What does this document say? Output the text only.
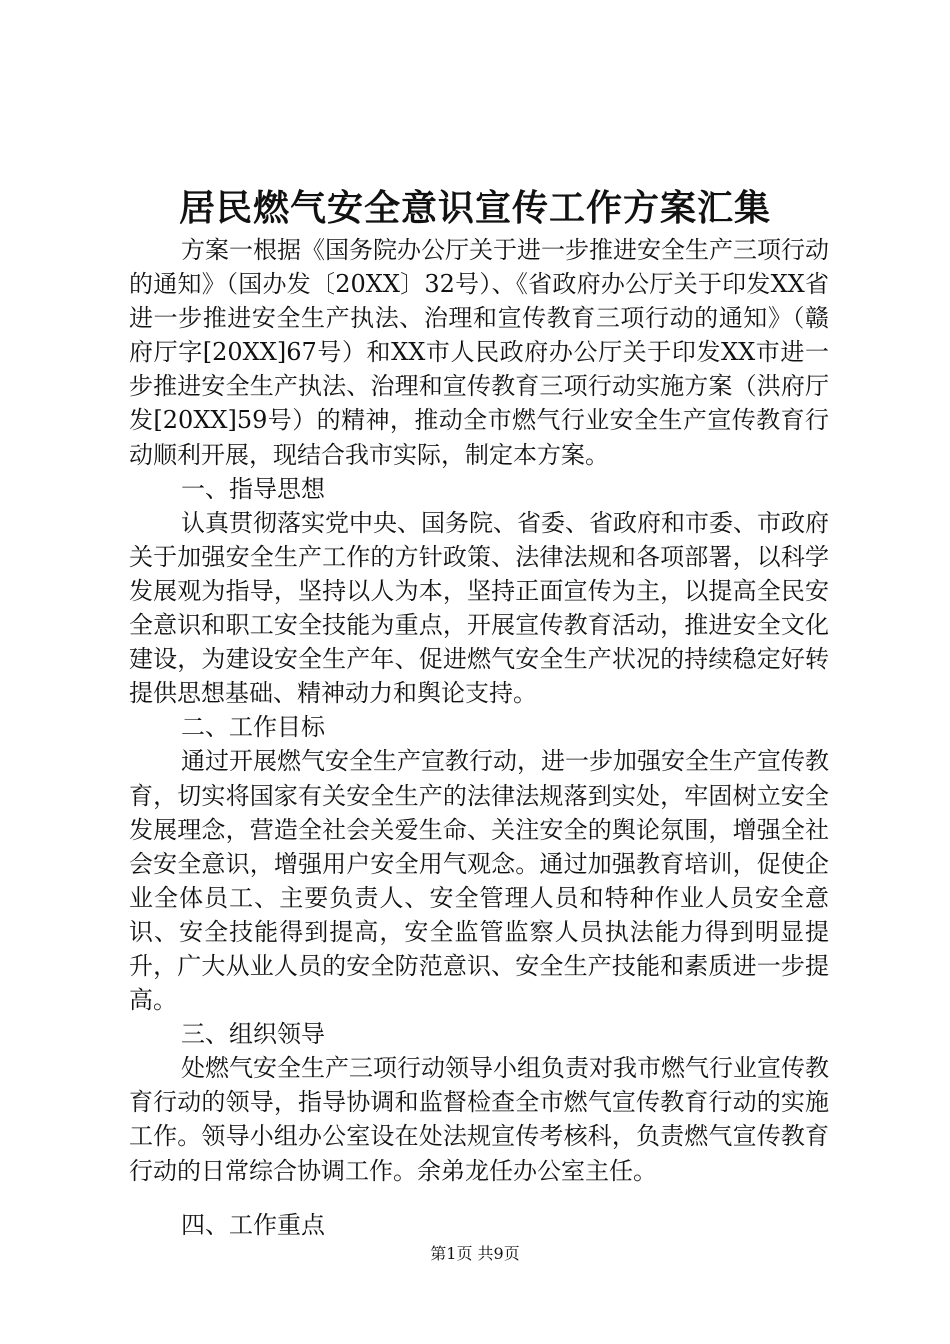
居民燃气安全意识宣传工作方案汇集

方案一根据《国务院办公厅关于进一步推进安全生产三项行动的通知》（国办发〔20XX〕32号）、《省政府办公厅关于印发XX省进一步推进安全生产执法、治理和宣传教育三项行动的通知》（赣府厅字[20XX]67号）和XX市人民政府办公厅关于印发XX市进一步推进安全生产执法、治理和宣传教育三项行动实施方案（洪府厅发[20XX]59号）的精神，推动全市燃气行业安全生产宣传教育行动顺利开展，现结合我市实际，制定本方案。

一、指导思想

认真贯彻落实党中央、国务院、省委、省政府和市委、市政府关于加强安全生产工作的方针政策、法律法规和各项部署，以科学发展观为指导，坚持以人为本，坚持正面宣传为主，以提高全民安全意识和职工安全技能为重点，开展宣传教育活动，推进安全文化建设，为建设安全生产年、促进燃气安全生产状况的持续稳定好转提供思想基础、精神动力和舆论支持。

二、工作目标

通过开展燃气安全生产宣教行动，进一步加强安全生产宣传教育，切实将国家有关安全生产的法律法规落到实处，牢固树立安全发展理念，营造全社会关爱生命、关注安全的舆论氛围，增强全社会安全意识，增强用户安全用气观念。通过加强教育培训，促使企业全体员工、主要负责人、安全管理人员和特种作业人员安全意识、安全技能得到提高，安全监管监察人员执法能力得到明显提升，广大从业人员的安全防范意识、安全生产技能和素质进一步提高。

三、组织领导

处燃气安全生产三项行动领导小组负责对我市燃气行业宣传教育行动的领导，指导协调和监督检查全市燃气宣传教育行动的实施工作。领导小组办公室设在处法规宣传考核科，负责燃气宣传教育行动的日常综合协调工作。余弟龙任办公室主任。

四、工作重点

第1页 共9页
